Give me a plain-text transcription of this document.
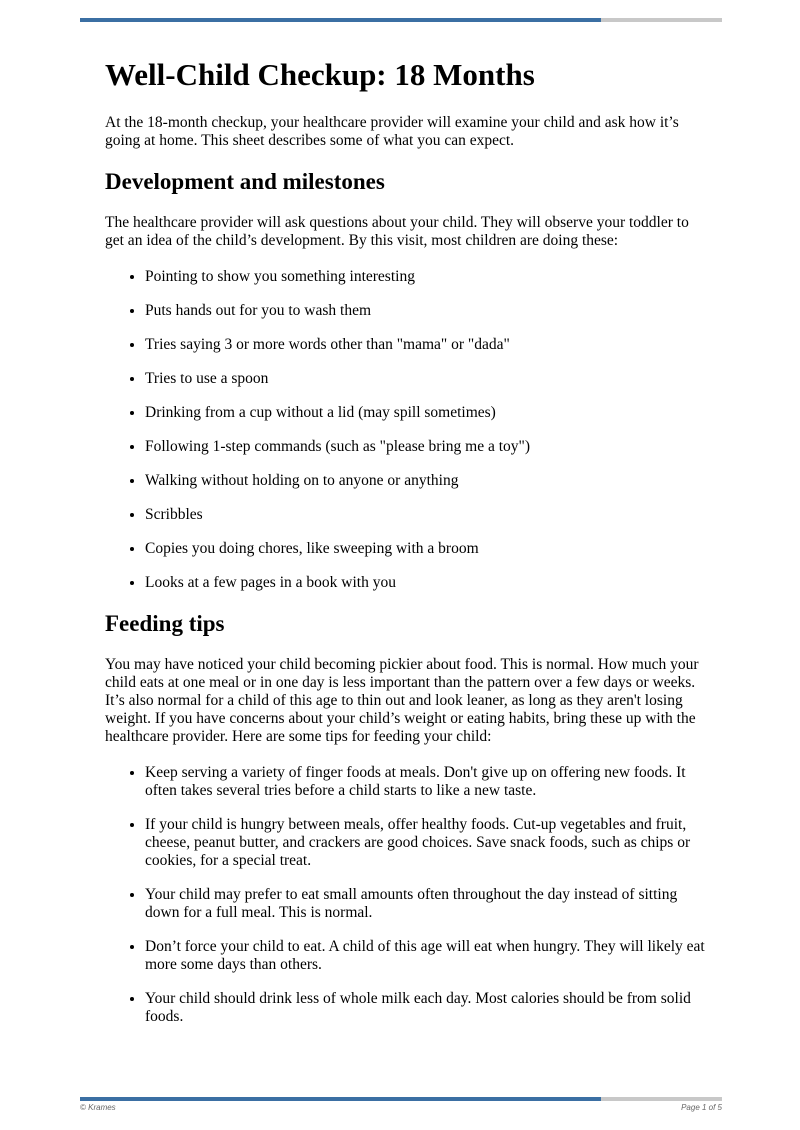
Well-Child Checkup: 18 Months

At the 18-month checkup, your healthcare provider will examine your child and ask how it’s going at home. This sheet describes some of what you can expect.

Development and milestones

The healthcare provider will ask questions about your child. They will observe your toddler to get an idea of the child’s development. By this visit, most children are doing these:

• Pointing to show you something interesting
• Puts hands out for you to wash them
• Tries saying 3 or more words other than "mama" or "dada"
• Tries to use a spoon
• Drinking from a cup without a lid (may spill sometimes)
• Following 1-step commands (such as "please bring me a toy")
• Walking without holding on to anyone or anything
• Scribbles
• Copies you doing chores, like sweeping with a broom
• Looks at a few pages in a book with you
Feeding tips

You may have noticed your child becoming pickier about food. This is normal. How much your child eats at one meal or in one day is less important than the pattern over a few days or weeks. It’s also normal for a child of this age to thin out and look leaner, as long as they aren't losing weight. If you have concerns about your child’s weight or eating habits, bring these up with the healthcare provider. Here are some tips for feeding your child:

• Keep serving a variety of finger foods at meals. Don't give up on offering new foods. It often takes several tries before a child starts to like a new taste.
• If your child is hungry between meals, offer healthy foods. Cut-up vegetables and fruit, cheese, peanut butter, and crackers are good choices. Save snack foods, such as chips or cookies, for a special treat.
• Your child may prefer to eat small amounts often throughout the day instead of sitting down for a full meal. This is normal.
• Don’t force your child to eat. A child of this age will eat when hungry. They will likely eat more some days than others.
• Your child should drink less of whole milk each day. Most calories should be from solid foods.
© Krames	Page 1 of 5
